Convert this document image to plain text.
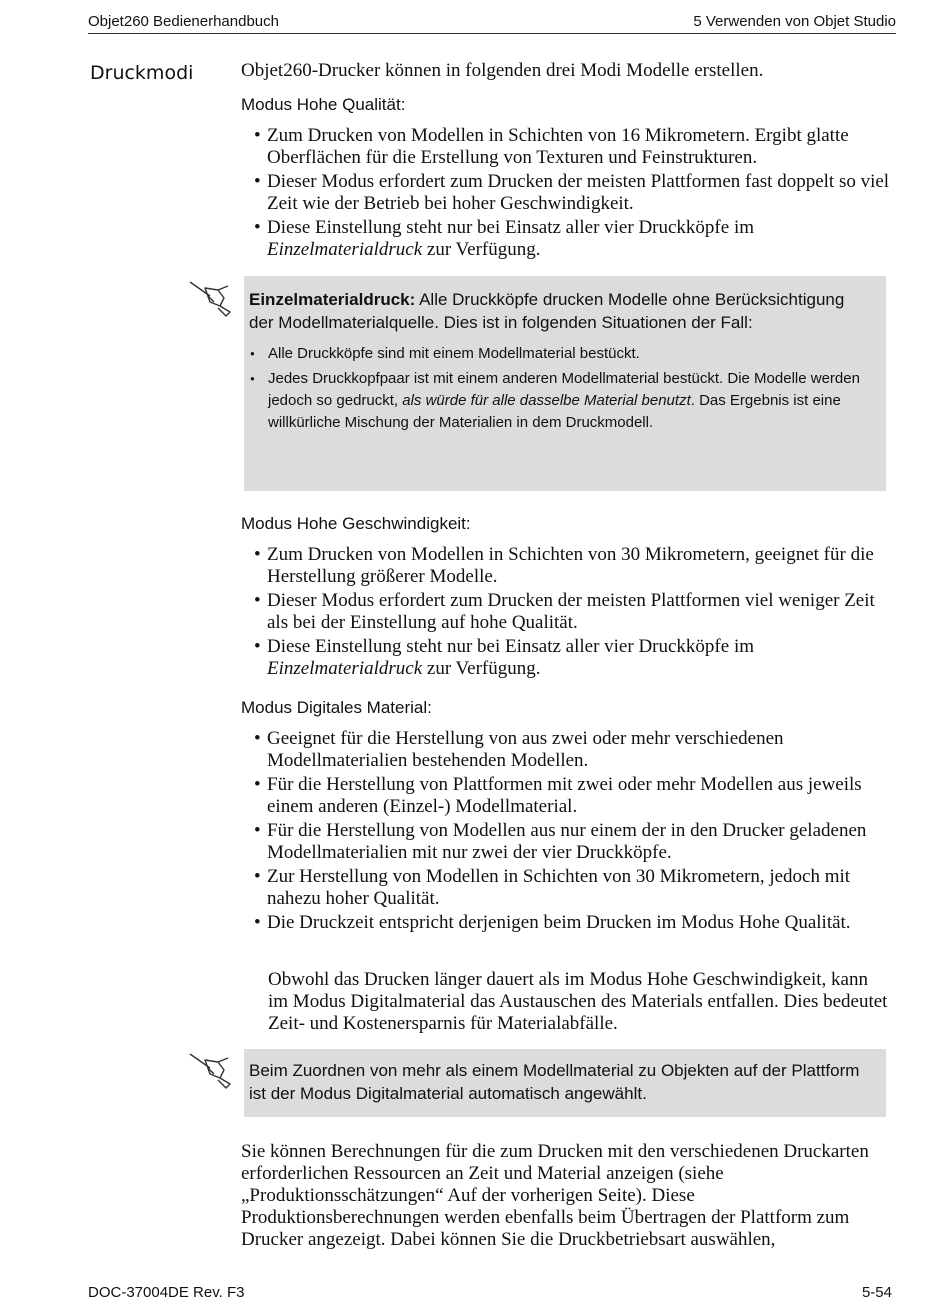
Objet260 Bedienerhandbuch	5 Verwenden von Objet Studio
Druckmodi	Objet260-Drucker können in folgenden drei Modi Modelle erstellen.
Modus Hohe Qualität:
• Zum Drucken von Modellen in Schichten von 16 Mikrometern. Ergibt glatte Oberflächen für die Erstellung von Texturen und Feinstrukturen.
• Dieser Modus erfordert zum Drucken der meisten Plattformen fast doppelt so viel Zeit wie der Betrieb bei hoher Geschwindigkeit.
• Diese Einstellung steht nur bei Einsatz aller vier Druckköpfe im Einzelmaterialdruck zur Verfügung.
Einzelmaterialdruck: Alle Druckköpfe drucken Modelle ohne Berücksichtigung der Modellmaterialquelle. Dies ist in folgenden Situationen der Fall:
● Alle Druckköpfe sind mit einem Modellmaterial bestückt.
● Jedes Druckkopfpaar ist mit einem anderen Modellmaterial bestückt. Die Modelle werden jedoch so gedruckt, als würde für alle dasselbe Material benutzt. Das Ergebnis ist eine willkürliche Mischung der Materialien in dem Druckmodell.
Modus Hohe Geschwindigkeit:
• Zum Drucken von Modellen in Schichten von 30 Mikrometern, geeignet für die Herstellung größerer Modelle.
• Dieser Modus erfordert zum Drucken der meisten Plattformen viel weniger Zeit als bei der Einstellung auf hohe Qualität.
• Diese Einstellung steht nur bei Einsatz aller vier Druckköpfe im Einzelmaterialdruck zur Verfügung.
Modus Digitales Material:
• Geeignet für die Herstellung von aus zwei oder mehr verschiedenen Modellmaterialien bestehenden Modellen.
• Für die Herstellung von Plattformen mit zwei oder mehr Modellen aus jeweils einem anderen (Einzel-) Modellmaterial.
• Für die Herstellung von Modellen aus nur einem der in den Drucker geladenen Modellmaterialien mit nur zwei der vier Druckköpfe.
• Zur Herstellung von Modellen in Schichten von 30 Mikrometern, jedoch mit nahezu hoher Qualität.
• Die Druckzeit entspricht derjenigen beim Drucken im Modus Hohe Qualität.
Obwohl das Drucken länger dauert als im Modus Hohe Geschwindigkeit, kann im Modus Digitalmaterial das Austauschen des Materials entfallen. Dies bedeutet Zeit- und Kostenersparnis für Materialabfälle.
Beim Zuordnen von mehr als einem Modellmaterial zu Objekten auf der Plattform ist der Modus Digitalmaterial automatisch angewählt.
Sie können Berechnungen für die zum Drucken mit den verschiedenen Druckarten erforderlichen Ressourcen an Zeit und Material anzeigen (siehe „Produktionsschätzungen“ Auf der vorherigen Seite). Diese Produktionsberechnungen werden ebenfalls beim Übertragen der Plattform zum Drucker angezeigt. Dabei können Sie die Druckbetriebsart auswählen,
DOC-37004DE Rev. F3	5-54
